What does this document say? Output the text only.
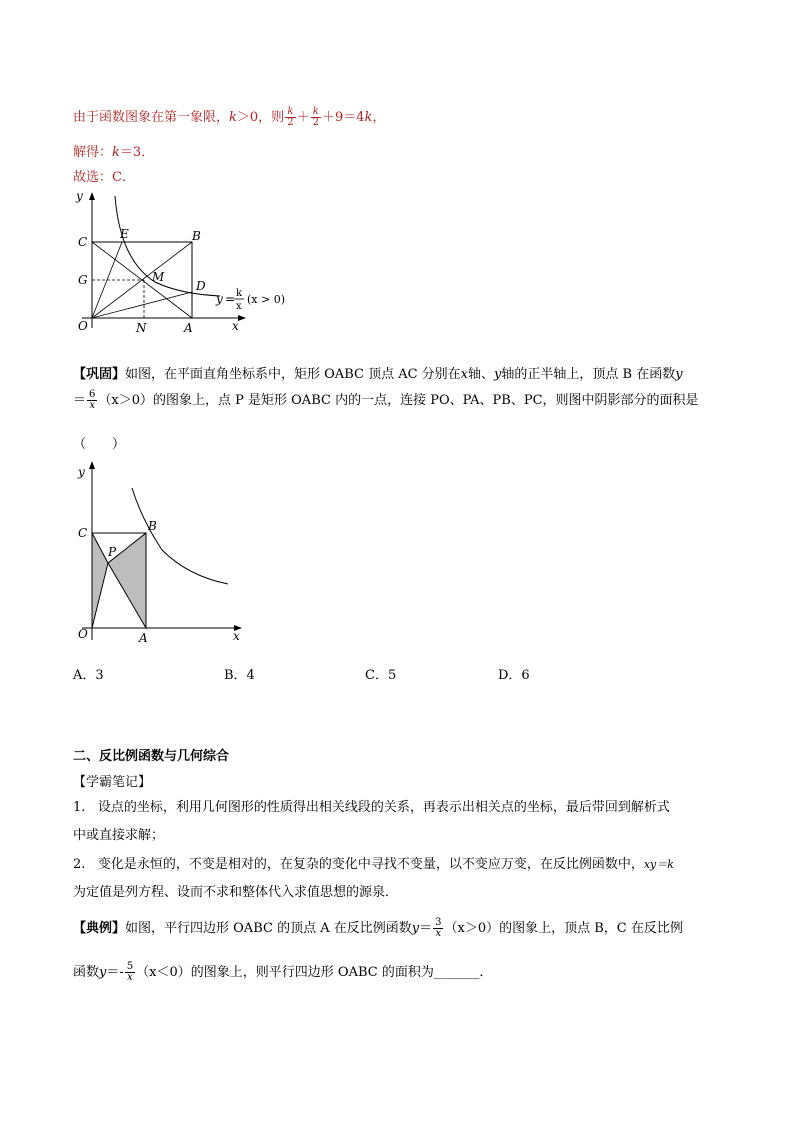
由于函数图象在第一象限，k＞0，则 $\frac{k}{2} + \frac{k}{2} +9=4k$，
解得：k＝3．
故选：C．
y
C
E	B
G	M
D
O	N	A	x
y = k
x
(x > 0)
【巩固】如图，在平面直角坐标系中，矩形 OABC 顶点 AC 分别在x轴、y轴的正半轴上，顶点 B 在函数y
＝ $\frac{6}{x} (x>0)$的图象上，点 P 是矩形 OABC 内的一点，连接 PO、PA、PB、PC，则图中阴影部分的面积是
（　　）
y
C	B
P
O	A	x
A．3	B．4	C．5	D．6
二、反比例函数与几何综合
【学霸笔记】
1. 设点的坐标，利用几何图形的性质得出相关线段的关系，再表示出相关点的坐标，最后带回到解析式
中或直接求解；
2. 变化是永恒的，不变是相对的，在复杂的变化中寻找不变量，以不变应万变，在反比例函数中，xy＝k
为定值是列方程、设而不求和整体代入求值思想的源泉．
【典例】如图，平行四边形 OABC 的顶点 A 在反比例函数$y= \frac{3}{x} (x>0)$的图象上，顶点 B，C 在反比例
函数$y=- \frac{5}{x} (x<0)$的图象上，则平行四边形 OABC 的面积为_______．
